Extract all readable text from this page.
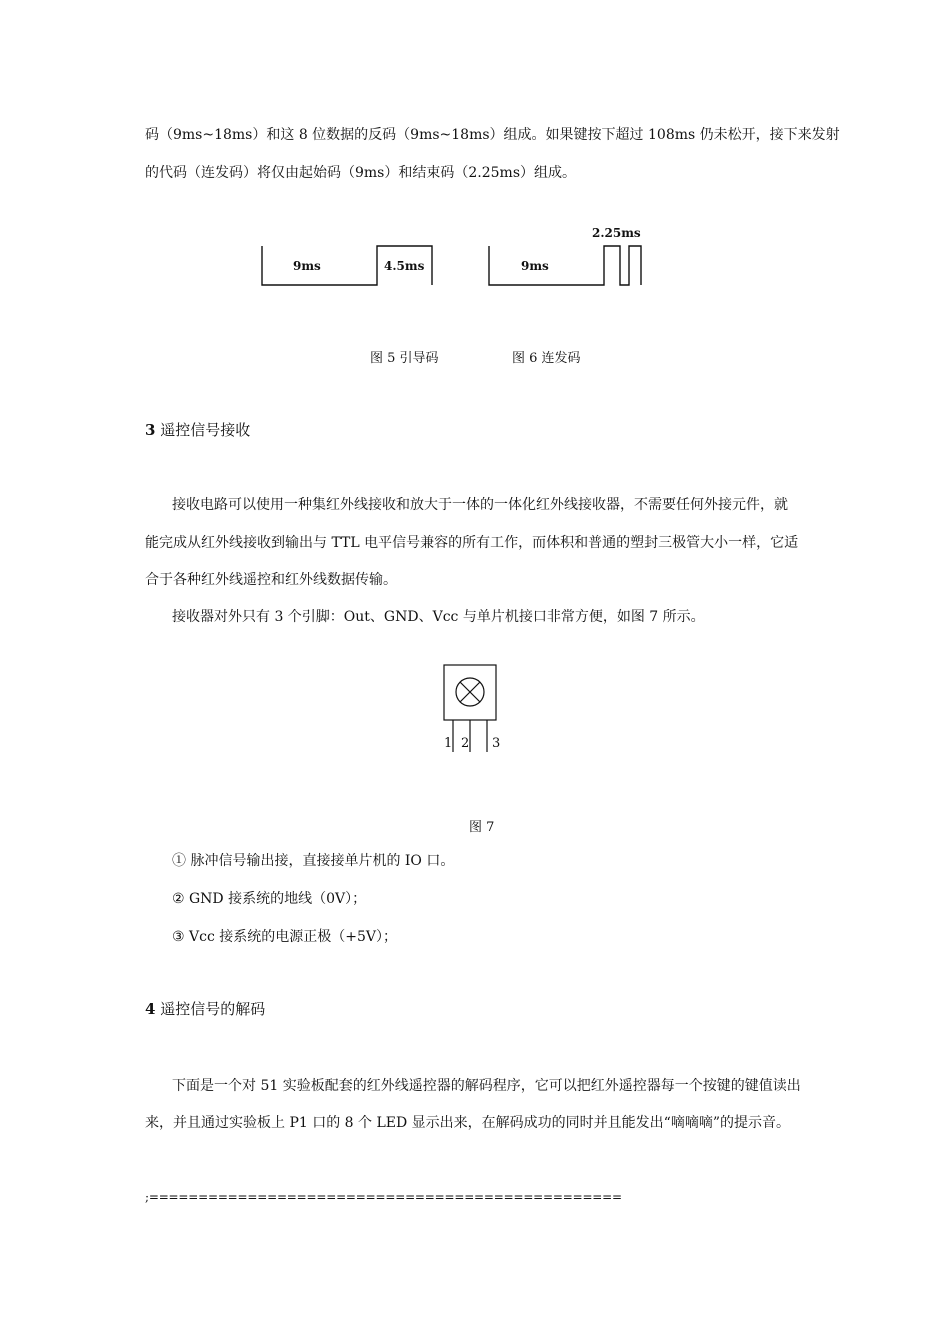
码（9ms~18ms）和这 8 位数据的反码（9ms~18ms）组成。如果键按下超过 108ms 仍未松开，接下来发射
的代码（连发码）将仅由起始码（9ms）和结束码（2.25ms）组成。
9ms	4.5ms	9ms
2.25ms
图 5 引导码	图 6 连发码
3 遥控信号接收
接收电路可以使用一种集红外线接收和放大于一体的一体化红外线接收器，不需要任何外接元件，就
能完成从红外线接收到输出与 TTL 电平信号兼容的所有工作，而体积和普通的塑封三极管大小一样，它适
合于各种红外线遥控和红外线数据传输。
接收器对外只有 3 个引脚：Out、GND、Vcc 与单片机接口非常方便，如图 7 所示。
1 2 3
图 7
① 脉冲信号输出接，直接接单片机的 IO 口。
② GND 接系统的地线（0V）；
③ Vcc 接系统的电源正极（+5V）；
4 遥控信号的解码
下面是一个对 51 实验板配套的红外线遥控器的解码程序，它可以把红外遥控器每一个按键的键值读出
来，并且通过实验板上 P1 口的 8 个 LED 显示出来，在解码成功的同时并且能发出“嘀嘀嘀”的提示音。
;================================================
